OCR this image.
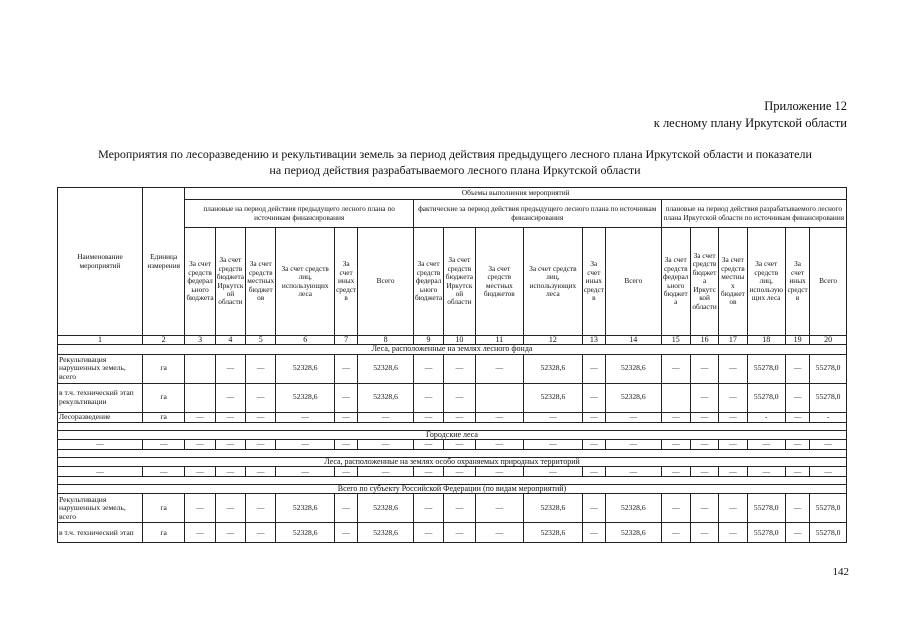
Приложение 12
к лесному плану Иркутской области
Мероприятия по лесоразведению и рекультивации земель за период действия предыдущего лесного плана Иркутской области и показатели
на период действия разрабатываемого лесного плана Иркутской области
Наименование мероприятий	Единица измерения	Объемы выполнения мероприятий																	
		плановые на период действия предыдущего лесного плана по источникам финансирования						фактические за период действия предыдущего лесного плана по источникам финансирования						плановые на период действия разрабатываемого лесного плана Иркутской области по источникам финансирования					
		За счет средств федерального бюджета	За счет средств бюджета Иркутской области	За счет средств местных бюджетов	За счет средств лиц, использующих леса	За счет иных средств	Всего	За счет средств федерального бюджета	За счет средств бюджета Иркутской области	За счет средств местных бюджетов	За счет средств лиц, использующих леса	За счет иных средств	Всего	За счет средств федерального бюджета	За счет средств бюджета Иркутской области	За счет средств местных бюджетов	За счет средств лиц, использующих леса	За счет иных средств	Всего
1	2	3	4	5	6	7	8	9	10	11	12	13	14	15	16	17	18	19	20
Леса, расположенные на землях лесного фонда																			
Рекультивация нарушенных земель, всего	га		—	—	52328,6	—	52328,6	—	—	—	52328,6	—	52328,6	—	—	—	55278,0	—	55278,0
в т.ч. технический этап рекультивации	га		—	—	52328,6	—	52328,6	—	—		52328,6	—	52328,6		—	—	55278,0	—	55278,0
Лесоразведение	га	—	—	—	—	—	—	—	—	—	—	—	—	—	—	—	-	—	-

Городские леса																			
—	—	—	—	—	—	—	—	—	—	—	—	—	—	—	—	—	—	—	—

Леса, расположенные на землях особо охраняемых природных территорий																			
—	—	—	—	—	—	—	—	—	—	—	—	—	—	—	—	—	—	—	—

Всего по субъекту Российской Федерации (по видам мероприятий)																			
Рекультивация нарушенных земель, всего	га	—	—	—	52328,6	—	52328,6	—	—	—	52328,6	—	52328,6	—	—	—	55278,0	—	55278,0
в т.ч. технический этап	га	—	—	—	52328,6	—	52328,6	—	—	—	52328,6	—	52328,6	—	—	—	55278,0	—	55278,0
142
